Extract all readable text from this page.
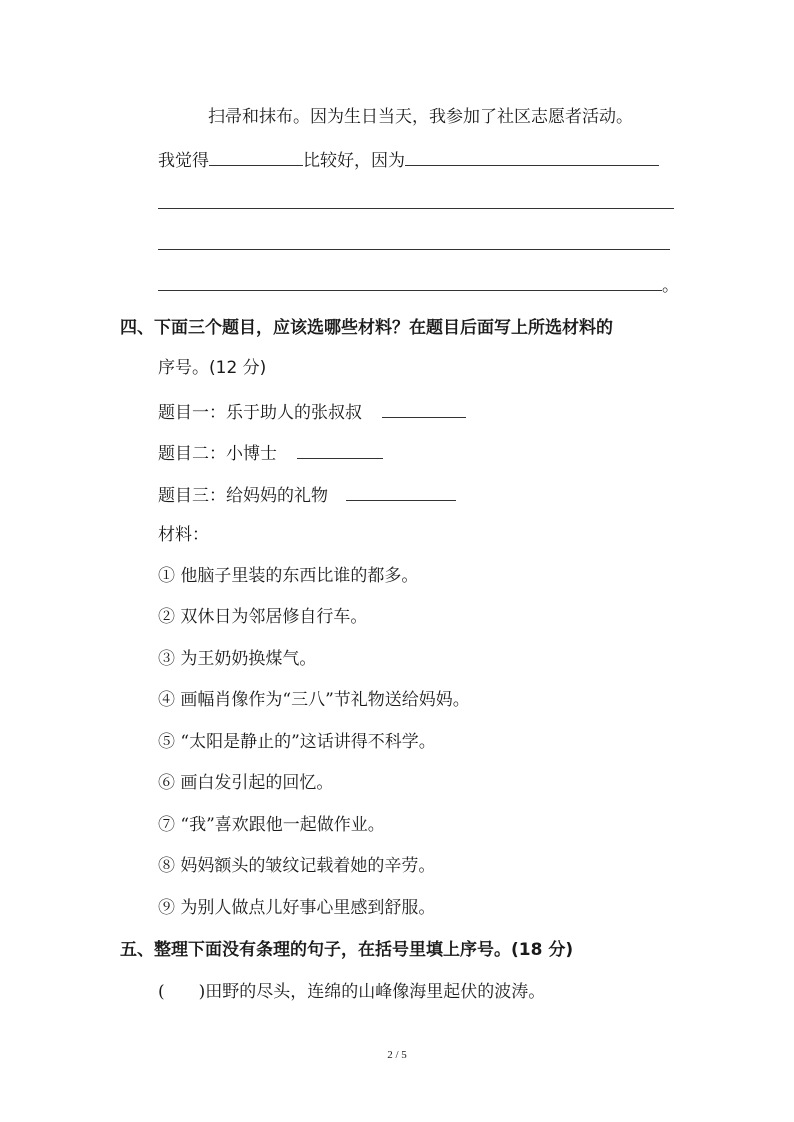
扫帚和抹布。因为生日当天，我参加了社区志愿者活动。
我觉得	比较好，因为
。
四、下面三个题目，应该选哪些材料？在题目后面写上所选材料的
序号。(12 分)
题目一：乐于助人的张叔叔
题目二：小博士
题目三：给妈妈的礼物
材料：
① 他脑子里装的东西比谁的都多。
② 双休日为邻居修自行车。
③ 为王奶奶换煤气。
④ 画幅肖像作为“三八”节礼物送给妈妈。
⑤ “太阳是静止的”这话讲得不科学。
⑥ 画白发引起的回忆。
⑦ “我”喜欢跟他一起做作业。
⑧ 妈妈额头的皱纹记载着她的辛劳。
⑨ 为别人做点儿好事心里感到舒服。
五、整理下面没有条理的句子，在括号里填上序号。(18 分)
( )田野的尽头，连绵的山峰像海里起伏的波涛。
2 / 5
